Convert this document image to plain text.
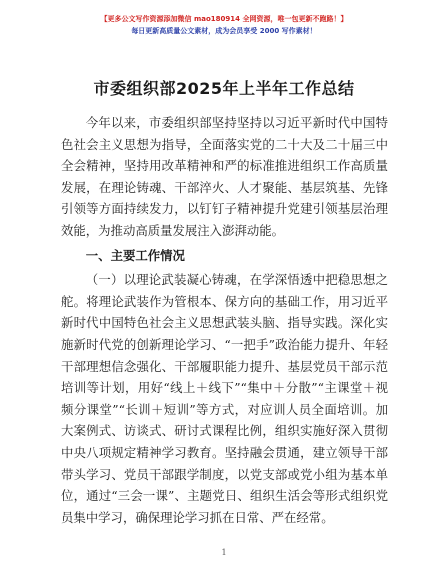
【更多公文写作资源添加微信 mao180914 全网资源，唯一包更新不跑路！】
每日更新高质量公文素材，成为会员享受 2000 写作素材！
市委组织部2025年上半年工作总结

今年以来，市委组织部坚持坚持以习近平新时代中国特色社会主义思想为指导，全面落实党的二十大及二十届三中全会精神，坚持用改革精神和严的标准推进组织工作高质量发展，在理论铸魂、干部淬火、人才聚能、基层筑基、先锋引领等方面持续发力，以钉钉子精神提升党建引领基层治理效能，为推动高质量发展注入澎湃动能。

一、主要工作情况

（一）以理论武装凝心铸魂，在学深悟透中把稳思想之舵。将理论武装作为管根本、保方向的基础工作，用习近平新时代中国特色社会主义思想武装头脑、指导实践。深化实施新时代党的创新理论学习、“一把手”政治能力提升、年轻干部理想信念强化、干部履职能力提升、基层党员干部示范培训等计划，用好“线上＋线下”“集中＋分散”“主课堂＋视频分课堂”“长训＋短训”等方式，对应训人员全面培训。加大案例式、访谈式、研讨式课程比例，组织实施好深入贯彻中央八项规定精神学习教育。坚持融会贯通，建立领导干部带头学习、党员干部跟学制度，以党支部或党小组为基本单位，通过“三会一课”、主题党日、组织生活会等形式组织党员集中学习，确保理论学习抓在日常、严在经常。

1
